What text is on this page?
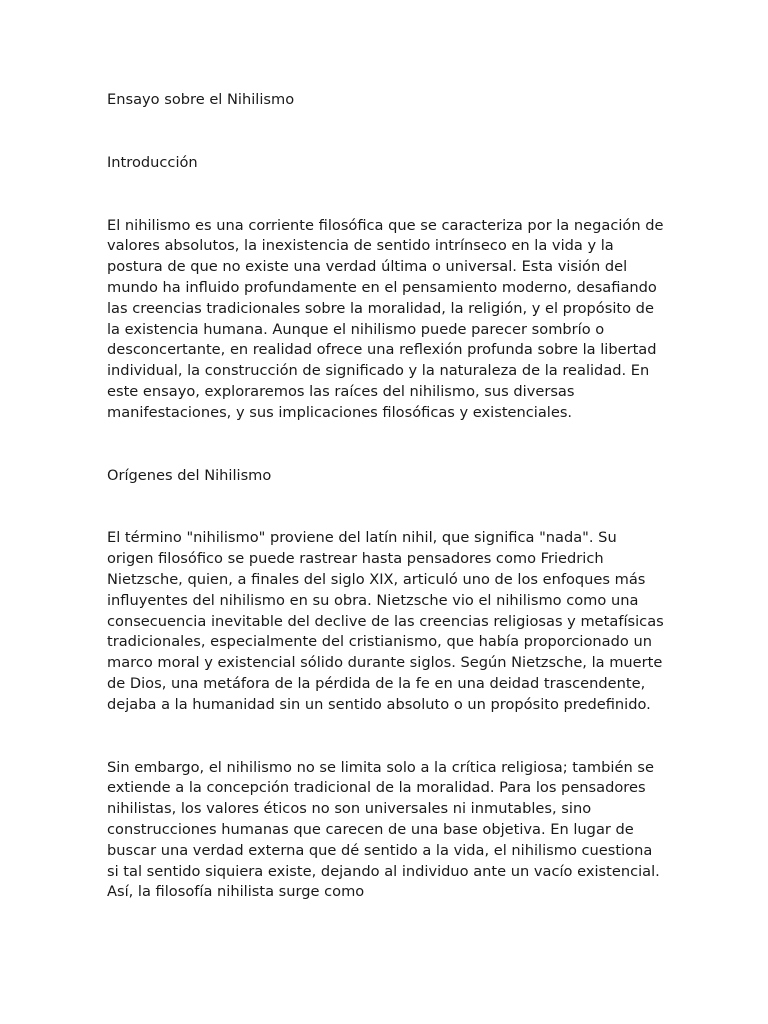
Ensayo sobre el Nihilismo
Introducción
El nihilismo es una corriente filosófica que se caracteriza por la negación de valores absolutos, la inexistencia de sentido intrínseco en la vida y la postura de que no existe una verdad última o universal. Esta visión del mundo ha influido profundamente en el pensamiento moderno, desafiando las creencias tradicionales sobre la moralidad, la religión, y el propósito de la existencia humana. Aunque el nihilismo puede parecer sombrío o desconcertante, en realidad ofrece una reflexión profunda sobre la libertad individual, la construcción de significado y la naturaleza de la realidad. En este ensayo, exploraremos las raíces del nihilismo, sus diversas manifestaciones, y sus implicaciones filosóficas y existenciales.
Orígenes del Nihilismo
El término "nihilismo" proviene del latín nihil, que significa "nada". Su origen filosófico se puede rastrear hasta pensadores como Friedrich Nietzsche, quien, a finales del siglo XIX, articuló uno de los enfoques más influyentes del nihilismo en su obra. Nietzsche vio el nihilismo como una consecuencia inevitable del declive de las creencias religiosas y metafísicas tradicionales, especialmente del cristianismo, que había proporcionado un marco moral y existencial sólido durante siglos. Según Nietzsche, la muerte de Dios, una metáfora de la pérdida de la fe en una deidad trascendente, dejaba a la humanidad sin un sentido absoluto o un propósito predefinido.
Sin embargo, el nihilismo no se limita solo a la crítica religiosa; también se extiende a la concepción tradicional de la moralidad. Para los pensadores nihilistas, los valores éticos no son universales ni inmutables, sino construcciones humanas que carecen de una base objetiva. En lugar de buscar una verdad externa que dé sentido a la vida, el nihilismo cuestiona si tal sentido siquiera existe, dejando al individuo ante un vacío existencial. Así, la filosofía nihilista surge como
